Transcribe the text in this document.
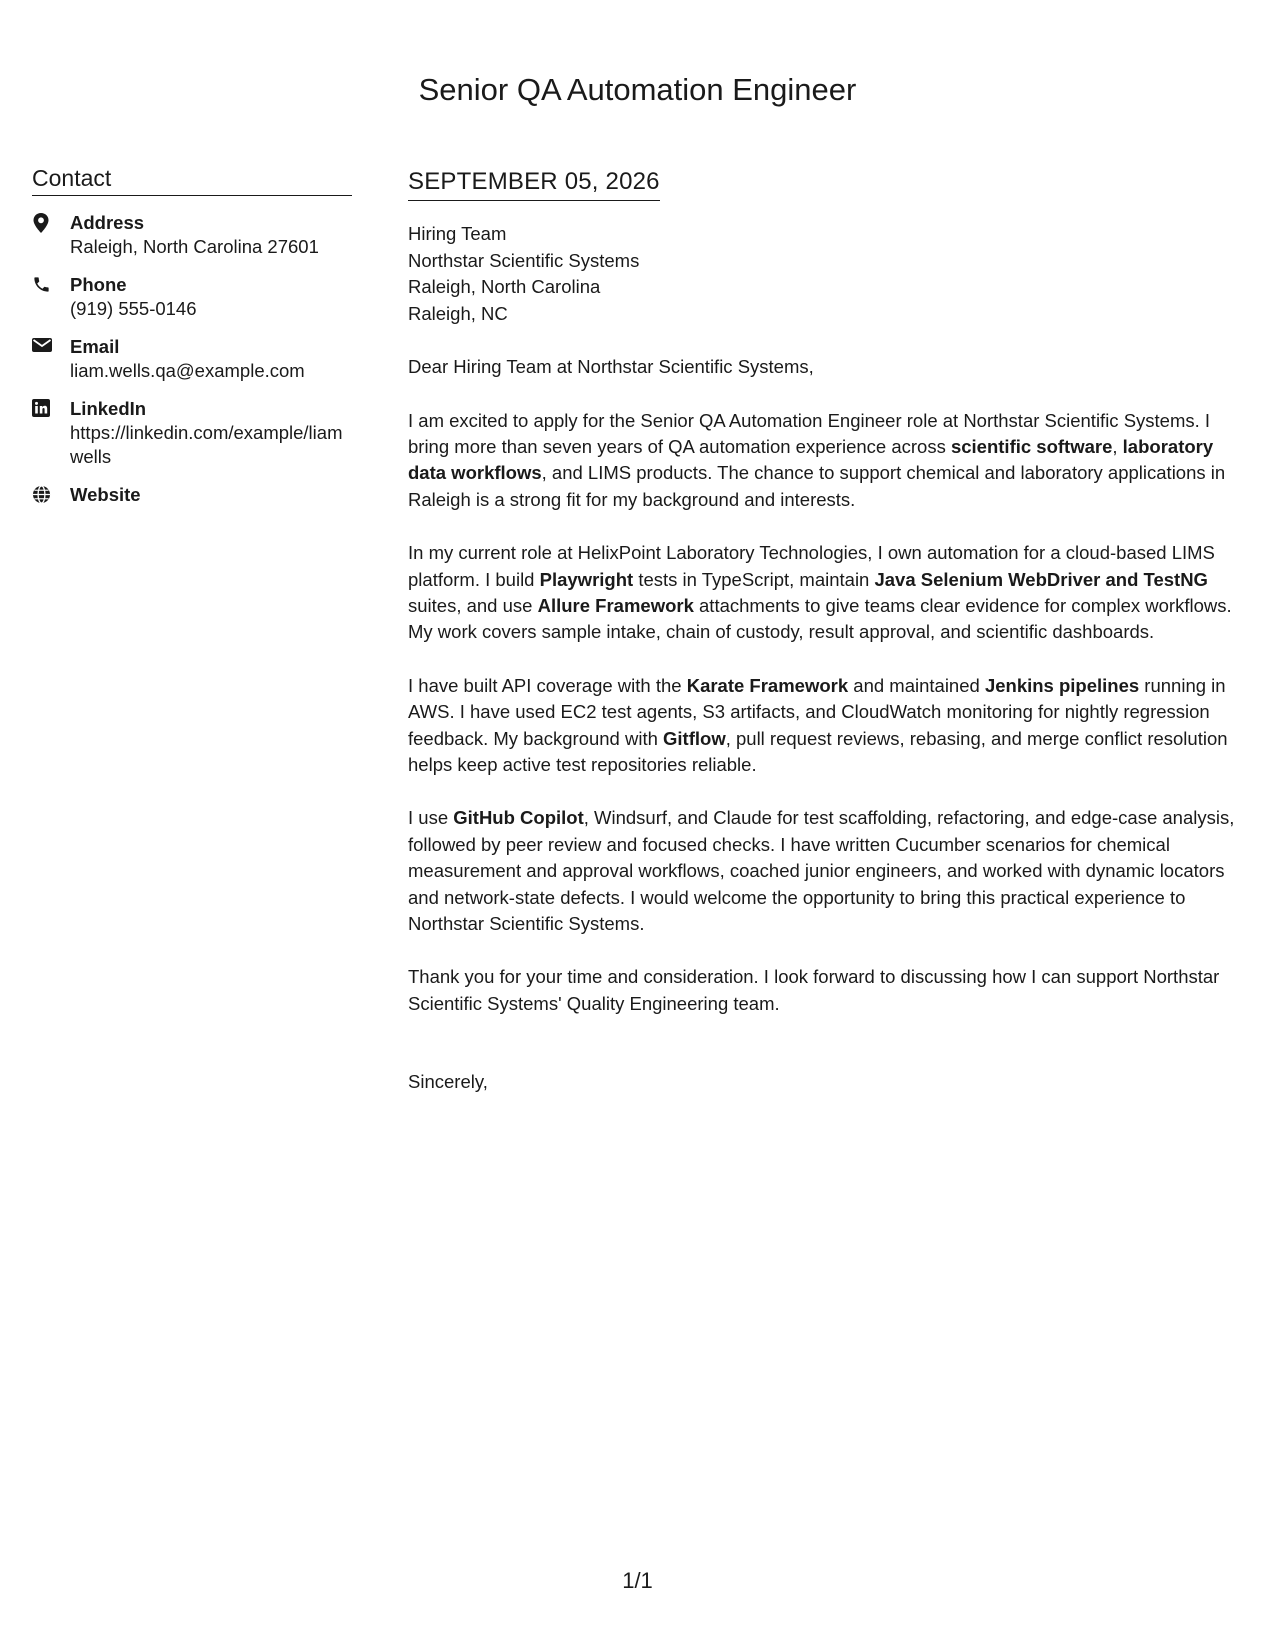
Senior QA Automation Engineer
Contact
Address
Raleigh, North Carolina 27601
Phone
(919) 555-0146
Email
liam.wells.qa@example.com
LinkedIn
https://linkedin.com/example/liamwells
Website
SEPTEMBER 05, 2026
Hiring Team
Northstar Scientific Systems
Raleigh, North Carolina
Raleigh, NC
Dear Hiring Team at Northstar Scientific Systems,

I am excited to apply for the Senior QA Automation Engineer role at Northstar Scientific Systems. I bring more than seven years of QA automation experience across scientific software, laboratory data workflows, and LIMS products. The chance to support chemical and laboratory applications in Raleigh is a strong fit for my background and interests.

In my current role at HelixPoint Laboratory Technologies, I own automation for a cloud-based LIMS platform. I build Playwright tests in TypeScript, maintain Java Selenium WebDriver and TestNG suites, and use Allure Framework attachments to give teams clear evidence for complex workflows. My work covers sample intake, chain of custody, result approval, and scientific dashboards.

I have built API coverage with the Karate Framework and maintained Jenkins pipelines running in AWS. I have used EC2 test agents, S3 artifacts, and CloudWatch monitoring for nightly regression feedback. My background with Gitflow, pull request reviews, rebasing, and merge conflict resolution helps keep active test repositories reliable.

I use GitHub Copilot, Windsurf, and Claude for test scaffolding, refactoring, and edge-case analysis, followed by peer review and focused checks. I have written Cucumber scenarios for chemical measurement and approval workflows, coached junior engineers, and worked with dynamic locators and network-state defects. I would welcome the opportunity to bring this practical experience to Northstar Scientific Systems.

Thank you for your time and consideration. I look forward to discussing how I can support Northstar Scientific Systems' Quality Engineering team.

Sincerely,
1/1
